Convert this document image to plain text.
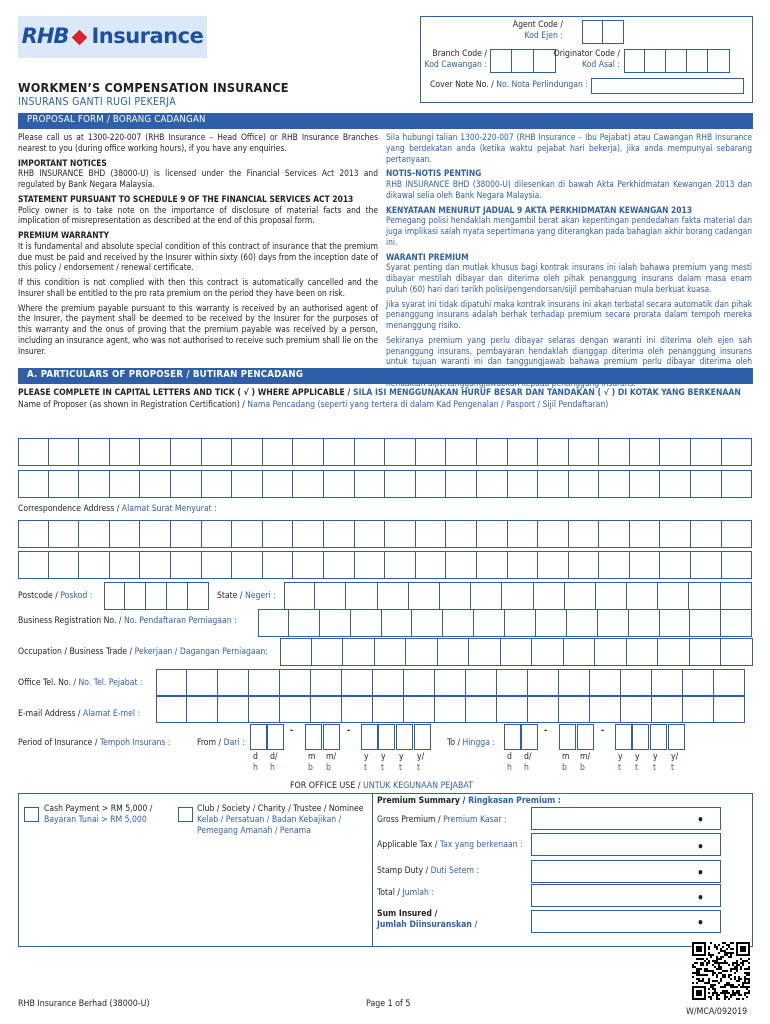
RHB Insurance	Agent Code /
Kod Ejen :
Branch Code /
Kod Cawangan :
Originator Code /
Kod Asal :
Cover Note No. / No. Nota Perlindungan :
WORKMEN’S COMPENSATION INSURANCE
INSURANS GANTI RUGI PEKERJA
PROPOSAL FORM / BORANG CADANGAN

Please call us at 1300-220-007 (RHB Insurance – Head Office) or RHB Insurance Branches nearest to you (during office working hours), if you have any enquiries.

IMPORTANT NOTICES

RHB INSURANCE BHD (38000-U) is licensed under the Financial Services Act 2013 and regulated by Bank Negara Malaysia.

STATEMENT PURSUANT TO SCHEDULE 9 OF THE FINANCIAL SERVICES ACT 2013

Policy owner is to take note on the importance of disclosure of material facts and the implication of misrepresentation as described at the end of this proposal form.

PREMIUM WARRANTY

It is fundamental and absolute special condition of this contract of insurance that the premium due must be paid and received by the Insurer within sixty (60) days from the inception date of this policy / endorsement / renewal certificate.

If this condition is not complied with then this contract is automatically cancelled and the Insurer shall be entitled to the pro rata premium on the period they have been on risk.

Where the premium payable pursuant to this warranty is received by an authorised agent of the Insurer, the payment shall be deemed to be received by the Insurer for the purposes of this warranty and the onus of proving that the premium payable was received by a person, including an insurance agent, who was not authorised to receive such premium shall lie on the Insurer.

Sila hubungi talian 1300-220-007 (RHB Insurance – Ibu Pejabat) atau Cawangan RHB Insurance yang berdekatan anda (ketika waktu pejabat hari bekerja), jika anda mempunyai sebarang pertanyaan.

NOTIS-NOTIS PENTING

RHB INSURANCE BHD (38000-U) dilesenkan di bawah Akta Perkhidmatan Kewangan 2013 dan dikawal selia oleh Bank Negara Malaysia.

KENYATAAN MENURUT JADUAL 9 AKTA PERKHIDMATAN KEWANGAN 2013

Pemegang polisi hendaklah mengambil berat akan kepentingan pendedahan fakta material dan juga implikasi salah nyata sepertimana yang diterangkan pada bahagian akhir borang cadangan ini.

WARANTI PREMIUM

Syarat penting dan mutlak khusus bagi kontrak insurans ini ialah bahawa premium yang mesti dibayar mestilah dibayar dan diterima oleh pihak penanggung insurans dalam masa enam puluh (60) hari dari tarikh polisi/pengendorsan/sijil pembaharuan mula berkuat kuasa.

Jika syarat ini tidak dipatuhi maka kontrak insurans ini akan terbatal secara automatik dan pihak penanggung insurans adalah berhak terhadap premium secara prorata dalam tempoh mereka menanggung risiko.

Sekiranya premium yang perlu dibayar selaras dengan waranti ini diterima oleh ejen sah penanggung insurans, pembayaran hendaklah dianggap diterima oleh penanggung insurans untuk tujuan waranti ini dan tanggungjawab bahawa premium perlu dibayar diterima oleh

A. PARTICULARS OF PROPOSER / BUTIRAN PENCADANG
PLEASE COMPLETE IN CAPITAL LETTERS AND TICK ( √ ) WHERE APPLICABLE / SILA ISI MENGGUNAKAN HURUF BESAR DAN TANDAKAN ( √ ) DI KOTAK YANG BERKENAAN
Name of Proposer (as shown in Registration Certification) / Nama Pencadang (seperti yang tertera di dalam Kad Pengenalan / Pasport / Sijil Pendaftaran)
Correspondence Address / Alamat Surat Menyurat :
Postcode / Poskod :	State / Negeri :
Business Registration No. / No. Pendaftaran Perniagaan :
Occupation / Business Trade / Pekerjaan / Dagangan Perniagaan:
Office Tel. No. / No. Tel. Pejabat :
E-mail Address / Alamat E-mel :
Period of Insurance / Tempoh Insurans :	From / Dari :	To / Hingga :
FOR OFFICE USE / UNTUK KEGUNAAN PEJABAT
Cash Payment > RM 5,000 /
Bayaran Tunai > RM 5,000
Club / Society / Charity / Trustee / Nominee
Kelab / Persatuan / Badan Kebajikan /
Pemegang Amanah / Penama
Premium Summary / Ringkasan Premium :
Gross Premium / Premium Kasar :	•
Applicable Tax / Tax yang berkenaan :	•
Stamp Duty / Duti Setem :	•
Total / Jumlah :	•
Sum Insured /
Jumlah Diinsuranskan /	•
RHB Insurance Berhad (38000-U)	Page 1 of 5
W/MCA/092019
d
h
d/
h
m
b
m/
b
y
t
y
t
y
t
y/
t
-	-
d
h
d/
h
m
b
m/
b
y
t
y
t
y
t
y/
t
-	-
